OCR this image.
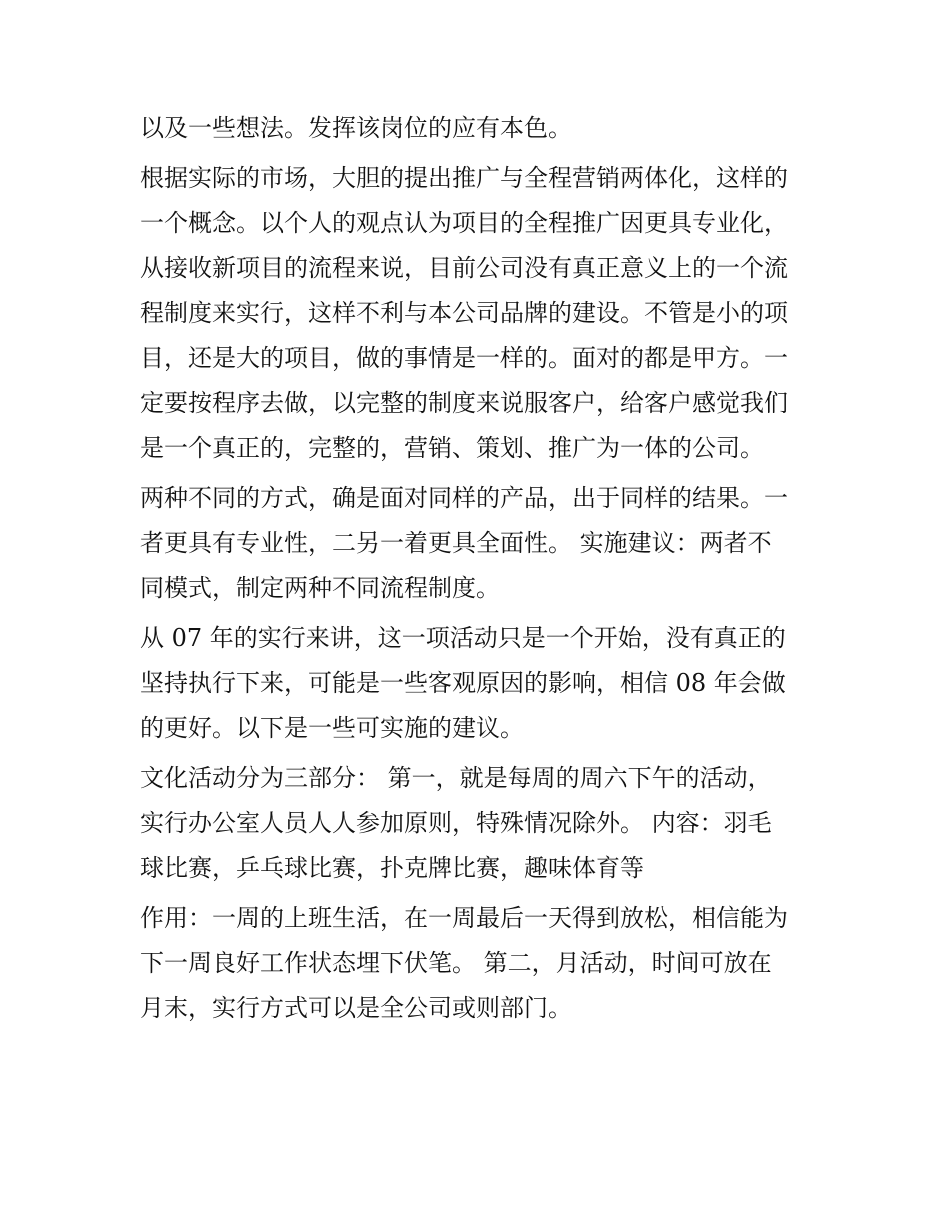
以及一些想法。发挥该岗位的应有本色。
根据实际的市场，大胆的提出推广与全程营销两体化，这样的
一个概念。以个人的观点认为项目的全程推广因更具专业化，
从接收新项目的流程来说，目前公司没有真正意义上的一个流
程制度来实行，这样不利与本公司品牌的建设。不管是小的项
目，还是大的项目，做的事情是一样的。面对的都是甲方。一
定要按程序去做，以完整的制度来说服客户，给客户感觉我们
是一个真正的，完整的，营销、策划、推广为一体的公司。
两种不同的方式，确是面对同样的产品，出于同样的结果。一
者更具有专业性，二另一着更具全面性。 实施建议：两者不
同模式，制定两种不同流程制度。
从 07 年的实行来讲，这一项活动只是一个开始，没有真正的
坚持执行下来，可能是一些客观原因的影响，相信 08 年会做
的更好。以下是一些可实施的建议。
文化活动分为三部分： 第一，就是每周的周六下午的活动，
实行办公室人员人人参加原则，特殊情况除外。 内容：羽毛
球比赛，乒乓球比赛，扑克牌比赛，趣味体育等
作用：一周的上班生活，在一周最后一天得到放松，相信能为
下一周良好工作状态埋下伏笔。 第二，月活动，时间可放在
月末，实行方式可以是全公司或则部门。
